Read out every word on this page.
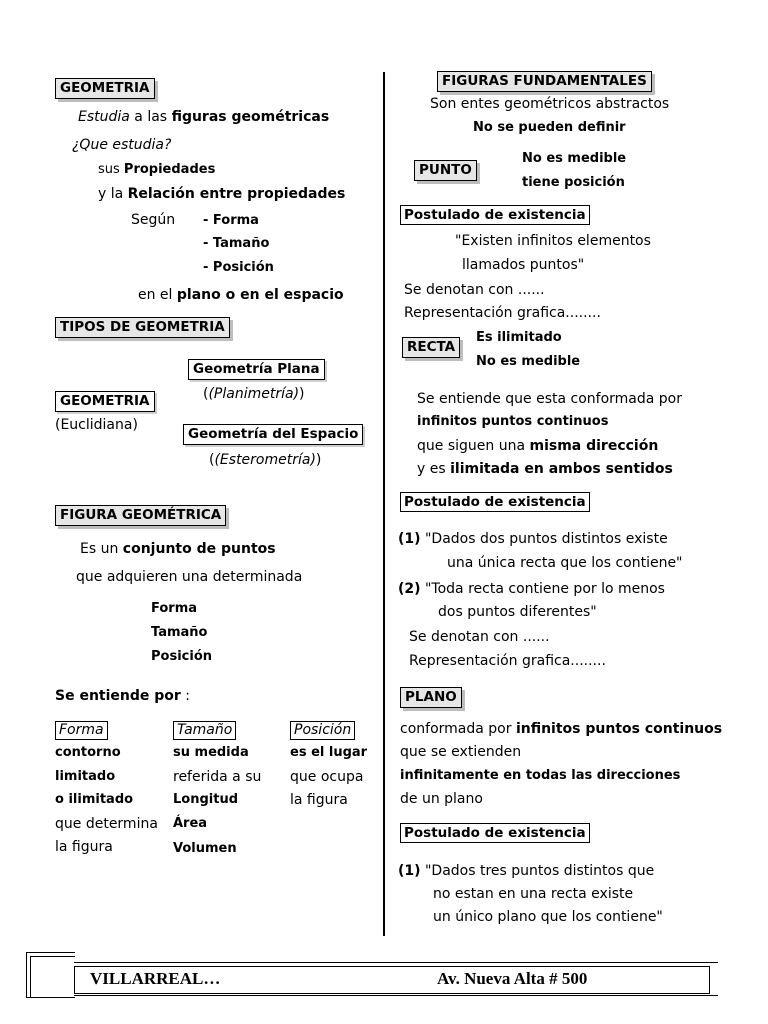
GEOMETRIA
Estudia a las figuras geométricas
¿Que estudia?
sus Propiedades
y la Relación entre propiedades
Según - Forma
- Tamaño
- Posición
en el plano o en el espacio
TIPOS DE GEOMETRIA
Geometría Plana
((Planimetría))
GEOMETRIA
(Euclidiana)
Geometría del Espacio
((Esterometría))
FIGURA GEOMÉTRICA
Es un conjunto de puntos
que adquieren una determinada
Forma
Tamaño
Posición
Se entiende por :
Forma
contorno
limitado
o ilimitado
que determina
la figura
Tamaño
su medida
referida a su
Longitud
Área
Volumen
Posición
es el lugar
que ocupa
la figura
FIGURAS FUNDAMENTALES
Son entes geométricos abstractos
No se pueden definir
PUNTO
No es medible
tiene posición
Postulado de existencia
"Existen infinitos elementos
llamados puntos"
Se denotan con ......
Representación grafica........
RECTA
Es ilimitado
No es medible
Se entiende que esta conformada por
infinitos puntos continuos
que siguen una misma dirección
y es ilimitada en ambos sentidos
Postulado de existencia
(1) "Dados dos puntos distintos existe
una única recta que los contiene"
(2) "Toda recta contiene por lo menos
dos puntos diferentes"
Se denotan con ......
Representación grafica........
PLANO
conformada por infinitos puntos continuos
que se extienden
infinitamente en todas las direcciones
de un plano
Postulado de existencia
(1) "Dados tres puntos distintos que
no estan en una recta existe
un único plano que los contiene"
VILLARREAL…	Av. Nueva Alta # 500
